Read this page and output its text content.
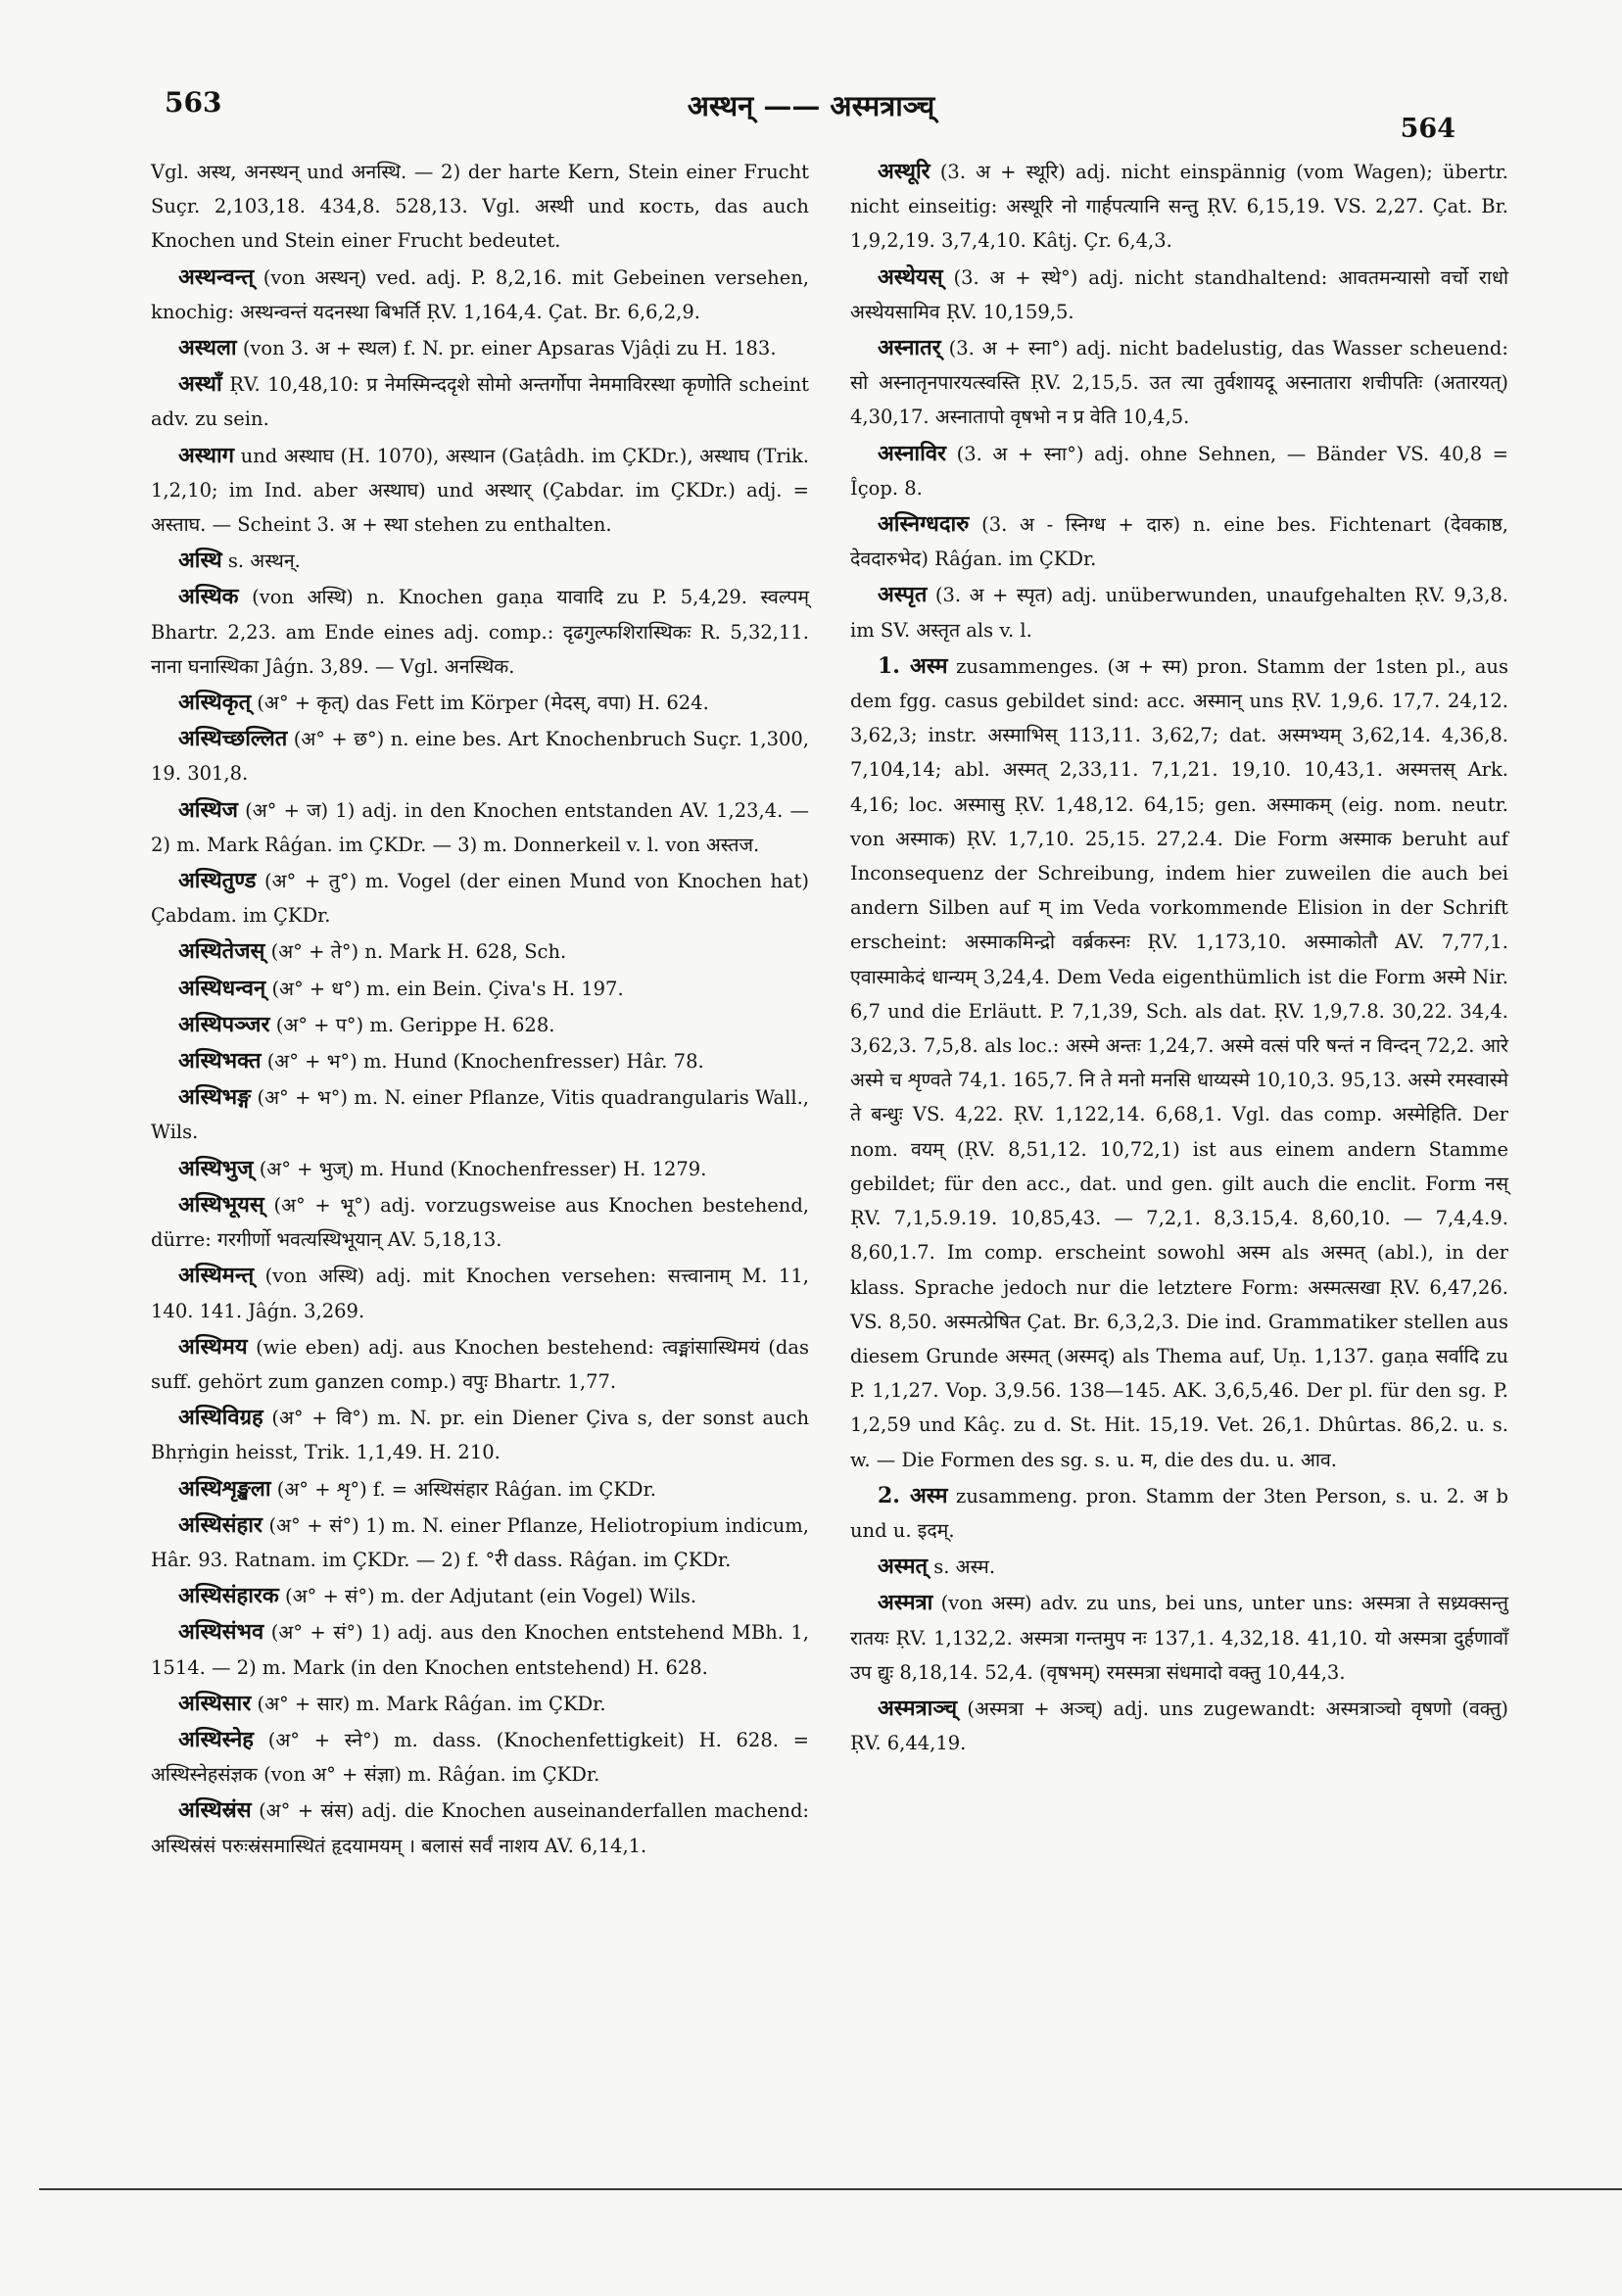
563	अस्थन् —— अस्मत्राञ्च्
564

Vgl. अस्थ, अनस्थन् und अनस्थि. — 2) der harte Kern, Stein einer Frucht Suçr. 2,103,18. 434,8. 528,13. Vgl. अस्थी und кость, das auch Knochen und Stein einer Frucht bedeutet.

अस्थन्वन्त् (von अस्थन्) ved. adj. P. 8,2,16. mit Gebeinen versehen, knochig: अस्थन्वन्तं यदनस्था बिभर्ति ṚV. 1,164,4. Çat. Br. 6,6,2,9.

अस्थला (von 3. अ + स्थल) f. N. pr. einer Apsaras Vjâḍi zu H. 183.

अस्थाँ ṚV. 10,48,10: प्र नेमस्मिन्ददृशे सोमो अन्तर्गोपा नेममाविरस्था कृणोति scheint adv. zu sein.

अस्थाग und अस्थाघ (H. 1070), अस्थान (Gaṭâdh. im ÇKDr.), अस्थाघ (Trik. 1,2,10; im Ind. aber अस्थाघ) und अस्थार् (Çabdar. im ÇKDr.) adj. = अस्ताघ. — Scheint 3. अ + स्था stehen zu enthalten.

अस्थि s. अस्थन्.

अस्थिक (von अस्थि) n. Knochen gaṇa यावादि zu P. 5,4,29. स्वल्पम् Bhartr. 2,23. am Ende eines adj. comp.: दृढगुल्फशिरास्थिकः R. 5,32,11. नाना घनास्थिका Jâǵn. 3,89. — Vgl. अनस्थिक.

अस्थिकृत् (अ° + कृत्) das Fett im Körper (मेदस्, वपा) H. 624.

अस्थिच्छल्लित (अ° + छ°) n. eine bes. Art Knochenbruch Suçr. 1,300, 19. 301,8.

अस्थिज (अ° + ज) 1) adj. in den Knochen entstanden AV. 1,23,4. — 2) m. Mark Râǵan. im ÇKDr. — 3) m. Donnerkeil v. l. von अस्तज.

अस्थितुण्ड (अ° + तु°) m. Vogel (der einen Mund von Knochen hat) Çabdam. im ÇKDr.

अस्थितेजस् (अ° + ते°) n. Mark H. 628, Sch.

अस्थिधन्वन् (अ° + ध°) m. ein Bein. Çiva's H. 197.

अस्थिपञ्जर (अ° + प°) m. Gerippe H. 628.

अस्थिभक्त (अ° + भ°) m. Hund (Knochenfresser) Hâr. 78.

अस्थिभङ्ग (अ° + भ°) m. N. einer Pflanze, Vitis quadrangularis Wall., Wils.

अस्थिभुज् (अ° + भुज्) m. Hund (Knochenfresser) H. 1279.

अस्थिभूयस् (अ° + भू°) adj. vorzugsweise aus Knochen bestehend, dürre: गरगीर्णो भवत्यस्थिभूयान् AV. 5,18,13.

अस्थिमन्त् (von अस्थि) adj. mit Knochen versehen: सत्त्वानाम् M. 11, 140. 141. Jâǵn. 3,269.

अस्थिमय (wie eben) adj. aus Knochen bestehend: त्वङ्मांसास्थिमयं (das suff. gehört zum ganzen comp.) वपुः Bhartr. 1,77.

अस्थिविग्रह (अ° + वि°) m. N. pr. ein Diener Çiva s, der sonst auch Bhṛṅgin heisst, Trik. 1,1,49. H. 210.

अस्थिशृङ्खला (अ° + शृ°) f. = अस्थिसंहार Râǵan. im ÇKDr.

अस्थिसंहार (अ° + सं°) 1) m. N. einer Pflanze, Heliotropium indicum, Hâr. 93. Ratnam. im ÇKDr. — 2) f. °री dass. Râǵan. im ÇKDr.

अस्थिसंहारक (अ° + सं°) m. der Adjutant (ein Vogel) Wils.

अस्थिसंभव (अ° + सं°) 1) adj. aus den Knochen entstehend MBh. 1, 1514. — 2) m. Mark (in den Knochen entstehend) H. 628.

अस्थिसार (अ° + सार) m. Mark Râǵan. im ÇKDr.

अस्थिस्नेह (अ° + स्ने°) m. dass. (Knochenfettigkeit) H. 628. = अस्थिस्नेहसंज्ञक (von अ° + संज्ञा) m. Râǵan. im ÇKDr.

अस्थिस्रंस (अ° + स्रंस) adj. die Knochen auseinanderfallen machend: अस्थिस्रंसं परुःस्रंसमास्थितं हृदयामयम् । बलासं सर्वं नाशय AV. 6,14,1.

अस्थूरि (3. अ + स्थूरि) adj. nicht einspännig (vom Wagen); übertr. nicht einseitig: अस्थूरि नो गार्हपत्यानि सन्तु ṚV. 6,15,19. VS. 2,27. Çat. Br. 1,9,2,19. 3,7,4,10. Kâtj. Çr. 6,4,3.

अस्थेयस् (3. अ + स्थे°) adj. nicht standhaltend: आवतमन्यासो वर्चो राधो अस्थेयसामिव ṚV. 10,159,5.

अस्नातर् (3. अ + स्ना°) adj. nicht badelustig, das Wasser scheuend: सो अस्नातृनपारयत्स्वस्ति ṚV. 2,15,5. उत त्या तुर्वशायदू अस्नातारा शचीपतिः (अतारयत्) 4,30,17. अस्नातापो वृषभो न प्र वेति 10,4,5.

अस्नाविर (3. अ + स्ना°) adj. ohne Sehnen, — Bänder VS. 40,8 = Îçop. 8.

अस्निग्धदारु (3. अ - स्निग्ध + दारु) n. eine bes. Fichtenart (देवकाष्ठ, देवदारुभेद) Râǵan. im ÇKDr.

अस्पृत (3. अ + स्पृत) adj. unüberwunden, unaufgehalten ṚV. 9,3,8. im SV. अस्तृत als v. l.

1. अस्म zusammenges. (अ + स्म) pron. Stamm der 1sten pl., aus dem fgg. casus gebildet sind: acc. अस्मान् uns ṚV. 1,9,6. 17,7. 24,12. 3,62,3; instr. अस्माभिस् 113,11. 3,62,7; dat. अस्मभ्यम् 3,62,14. 4,36,8. 7,104,14; abl. अस्मत् 2,33,11. 7,1,21. 19,10. 10,43,1. अस्मत्तस् Ark. 4,16; loc. अस्मासु ṚV. 1,48,12. 64,15; gen. अस्माकम् (eig. nom. neutr. von अस्माक) ṚV. 1,7,10. 25,15. 27,2.4. Die Form अस्माक beruht auf Inconsequenz der Schreibung, indem hier zuweilen die auch bei andern Silben auf म् im Veda vorkommende Elision in der Schrift erscheint: अस्माकमिन्द्रो वर्ब्रकस्नः ṚV. 1,173,10. अस्माकोतौ AV. 7,77,1. एवास्माकेदं धान्यम् 3,24,4. Dem Veda eigenthümlich ist die Form अस्मे Nir. 6,7 und die Erläutt. P. 7,1,39, Sch. als dat. ṚV. 1,9,7.8. 30,22. 34,4. 3,62,3. 7,5,8. als loc.: अस्मे अन्तः 1,24,7. अस्मे वत्सं परि षन्तं न विन्दन् 72,2. आरे अस्मे च शृण्वते 74,1. 165,7. नि ते मनो मनसि धाय्यस्मे 10,10,3. 95,13. अस्मे रमस्वास्मे ते बन्धुः VS. 4,22. ṚV. 1,122,14. 6,68,1. Vgl. das comp. अस्मेहिति. Der nom. वयम् (ṚV. 8,51,12. 10,72,1) ist aus einem andern Stamme gebildet; für den acc., dat. und gen. gilt auch die enclit. Form नस् ṚV. 7,1,5.9.19. 10,85,43. — 7,2,1. 8,3.15,4. 8,60,10. — 7,4,4.9. 8,60,1.7. Im comp. erscheint sowohl अस्म als अस्मत् (abl.), in der klass. Sprache jedoch nur die letztere Form: अस्मत्सखा ṚV. 6,47,26. VS. 8,50. अस्मत्प्रेषित Çat. Br. 6,3,2,3. Die ind. Grammatiker stellen aus diesem Grunde अस्मत् (अस्मद्) als Thema auf, Uṇ. 1,137. gaṇa सर्वादि zu P. 1,1,27. Vop. 3,9.56. 138—145. AK. 3,6,5,46. Der pl. für den sg. P. 1,2,59 und Kâç. zu d. St. Hit. 15,19. Vet. 26,1. Dhûrtas. 86,2. u. s. w. — Die Formen des sg. s. u. म, die des du. u. आव.

2. अस्म zusammeng. pron. Stamm der 3ten Person, s. u. 2. अ b und u. इदम्.

अस्मत् s. अस्म.

अस्मत्रा (von अस्म) adv. zu uns, bei uns, unter uns: अस्मत्रा ते सध्र्यक्सन्तु रातयः ṚV. 1,132,2. अस्मत्रा गन्तमुप नः 137,1. 4,32,18. 41,10. यो अस्मत्रा दुर्हणावाँ उप द्युः 8,18,14. 52,4. (वृषभम्) रमस्मत्रा संधमादो वक्तु 10,44,3.

अस्मत्राञ्च् (अस्मत्रा + अञ्च्) adj. uns zugewandt: अस्मत्राञ्चो वृषणो (वक्तु) ṚV. 6,44,19.
